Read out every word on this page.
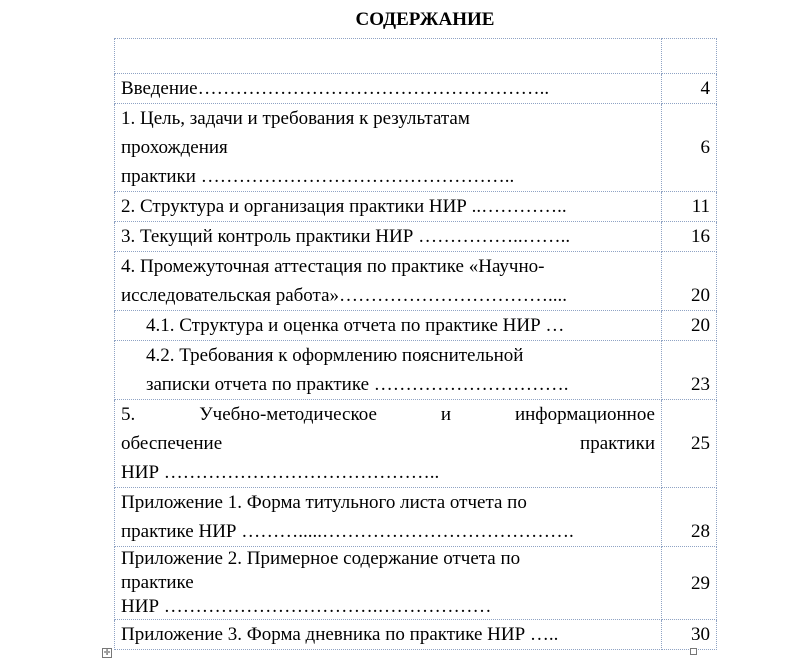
СОДЕРЖАНИЕ

Введение………………………………………………..	4

1. Цель, задачи и требования к результатам
прохождения
практики …………………………………………..	6
2. Структура и организация практики НИР ..…………..	11
3. Текущий контроль практики НИР ……………..……..	16

4. Промежуточная аттестация по практике «Научно-
исследовательская работа»……………………………....	20
4.1. Структура и оценка отчета по практике НИР …	20

4.2. Требования к оформлению пояснительной
записки отчета по практике ………………………….	23

5. Учебно-методическое и информационное
обеспечение практики
НИР ……………………………………..	25

Приложение 1. Форма титульного листа отчета по
практике НИР ……….....………………………………….	28

Приложение 2. Примерное содержание отчета по
практике
НИР …………………………….………………	29
Приложение 3. Форма дневника по практике НИР …..	30
✛
